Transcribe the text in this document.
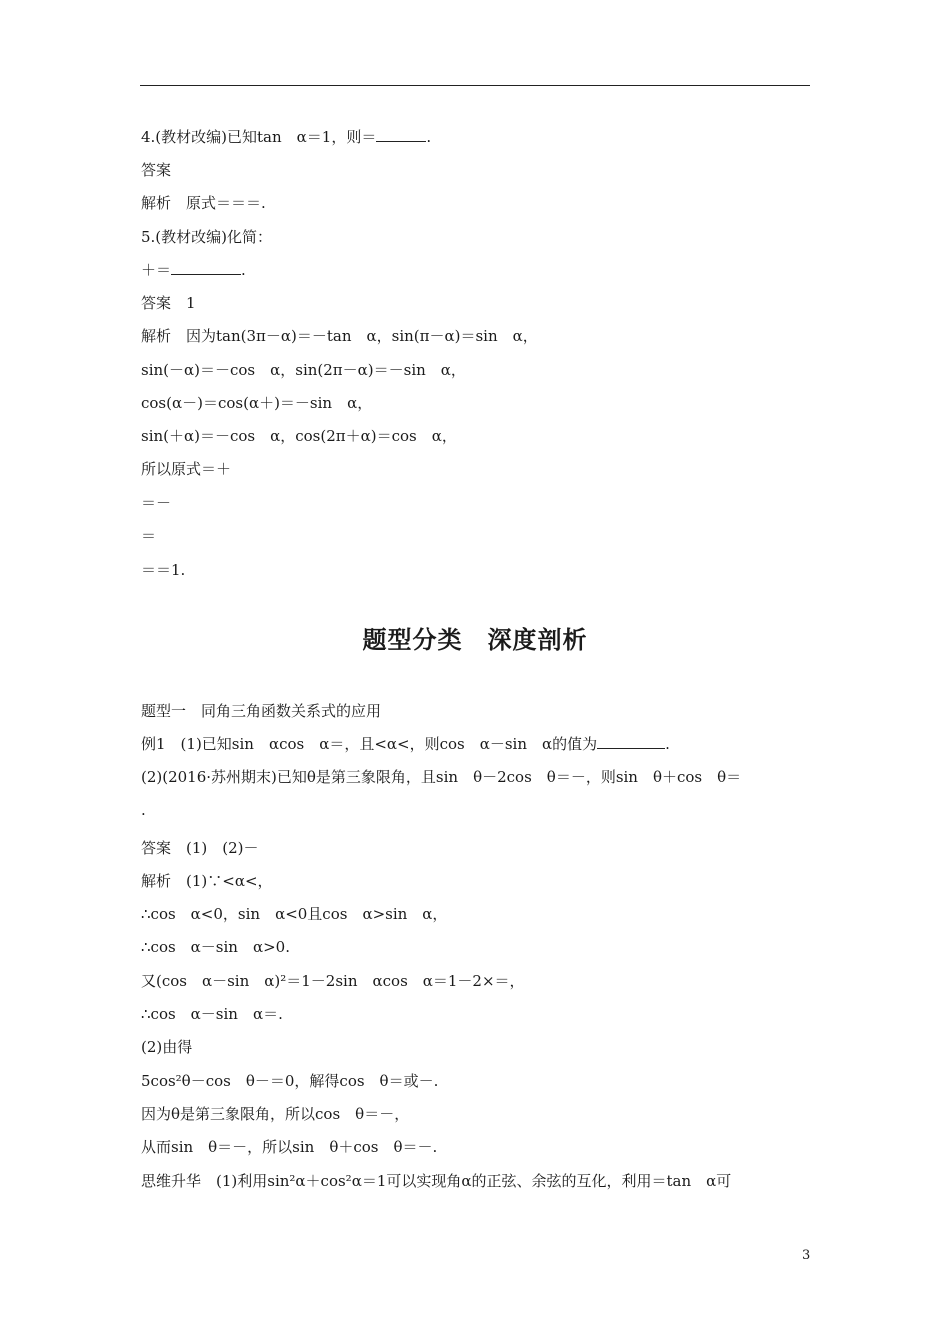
4.(教材改编)已知tan　α＝1，则＝	.
答案
解析　原式＝＝＝.
5.(教材改编)化简：
＋＝	.
答案　1
解析　因为tan(3π－α)＝－tan　α，sin(π－α)＝sin　α，
sin(－α)＝－cos　α，sin(2π－α)＝－sin　α，
cos(α－)＝cos(α＋)＝－sin　α，
sin(＋α)＝－cos　α，cos(2π＋α)＝cos　α，
所以原式＝＋
＝－
＝
＝＝1.
题型分类　深度剖析
题型一　同角三角函数关系式的应用
例1　(1)已知sin　αcos　α＝，且<α<，则cos　α－sin　α的值为	.
(2)(2016·苏州期末)已知θ是第三象限角，且sin　θ－2cos　θ＝－，则sin　θ＋cos　θ＝
.
答案　(1)　(2)－
解析　(1)∵<α<，
∴cos　α<0，sin　α<0且cos　α>sin　α，
∴cos　α－sin　α>0.
又(cos　α－sin　α)²＝1－2sin　αcos　α＝1－2×＝，
∴cos　α－sin　α＝.
(2)由得
5cos²θ－cos　θ－＝0，解得cos　θ＝或－.
因为θ是第三象限角，所以cos　θ＝－，
从而sin　θ＝－，所以sin　θ＋cos　θ＝－.
思维升华　(1)利用sin²α＋cos²α＝1可以实现角α的正弦、余弦的互化，利用＝tan　α可
3
